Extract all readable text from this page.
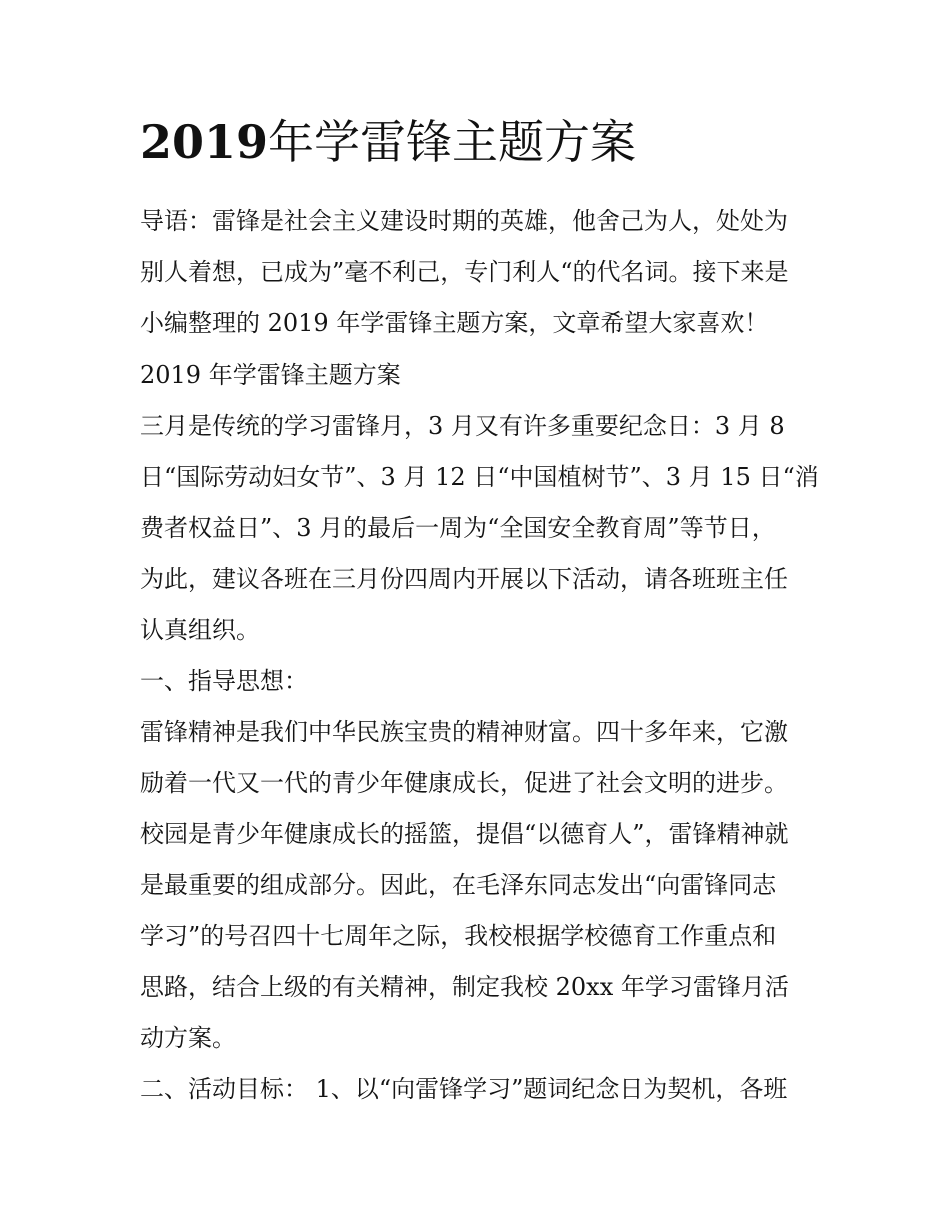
2019年学雷锋主题方案
导语：雷锋是社会主义建设时期的英雄，他舍己为人，处处为
别人着想，已成为”毫不利己，专门利人“的代名词。接下来是
小编整理的 2019 年学雷锋主题方案，文章希望大家喜欢！
2019 年学雷锋主题方案
三月是传统的学习雷锋月，3 月又有许多重要纪念日：3 月 8
日“国际劳动妇女节”、3 月 12 日“中国植树节”、3 月 15 日“消
费者权益日”、3 月的最后一周为“全国安全教育周”等节日，
为此，建议各班在三月份四周内开展以下活动，请各班班主任
认真组织。
一、指导思想：
雷锋精神是我们中华民族宝贵的精神财富。四十多年来，它激
励着一代又一代的青少年健康成长，促进了社会文明的进步。
校园是青少年健康成长的摇篮，提倡“以德育人”，雷锋精神就
是最重要的组成部分。因此，在毛泽东同志发出“向雷锋同志
学习”的号召四十七周年之际，我校根据学校德育工作重点和
思路，结合上级的有关精神，制定我校 20xx 年学习雷锋月活
动方案。
二、活动目标： 1、以“向雷锋学习”题词纪念日为契机，各班
